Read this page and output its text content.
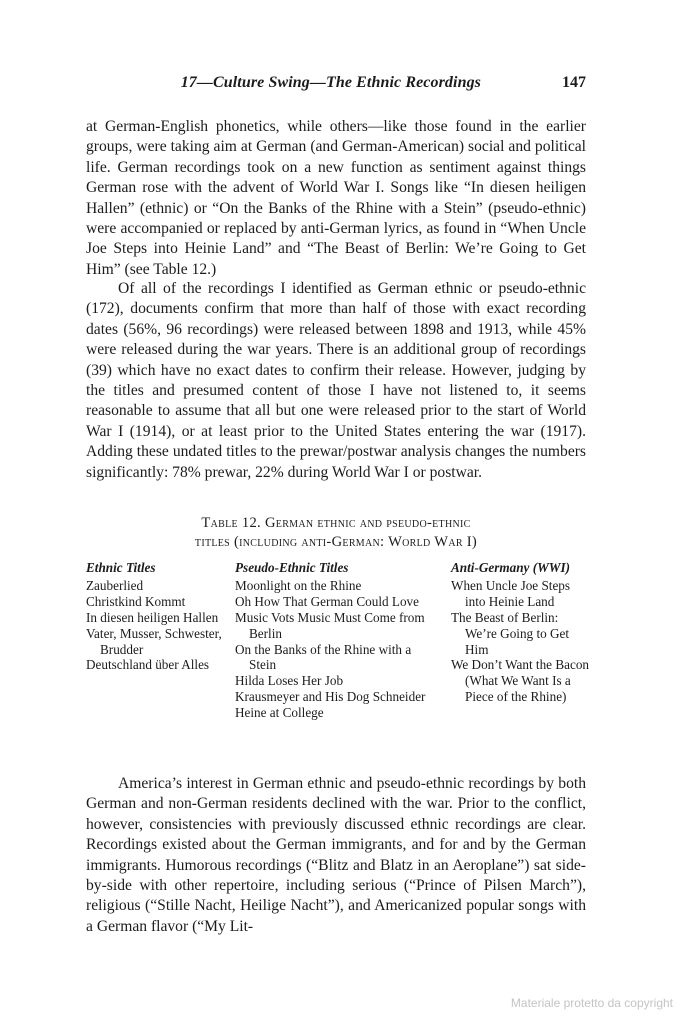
17—Culture Swing—The Ethnic Recordings	147

at German-English phonetics, while others—like those found in the earlier groups, were taking aim at German (and German-American) social and political life. German recordings took on a new function as sentiment against things German rose with the advent of World War I. Songs like “In diesen heiligen Hallen” (ethnic) or “On the Banks of the Rhine with a Stein” (pseudo-ethnic) were accompanied or replaced by anti-German lyrics, as found in “When Uncle Joe Steps into Heinie Land” and “The Beast of Berlin: We’re Going to Get Him” (see Table 12.)

Of all of the recordings I identified as German ethnic or pseudo-ethnic (172), documents confirm that more than half of those with exact recording dates (56%, 96 recordings) were released between 1898 and 1913, while 45% were released during the war years. There is an additional group of recordings (39) which have no exact dates to confirm their release. However, judging by the titles and presumed content of those I have not listened to, it seems reasonable to assume that all but one were released prior to the start of World War I (1914), or at least prior to the United States entering the war (1917). Adding these undated titles to the prewar/postwar analysis changes the numbers significantly: 78% prewar, 22% during World War I or postwar.

Table 12. German ethnic and pseudo-ethnic
titles (including anti-German: World War I)
Ethnic Titles
Zauberlied
Christkind Kommt
In diesen heiligen Hallen
Vater, Musser, Schwester, Brudder
Deutschland über Alles
Pseudo-Ethnic Titles
Moonlight on the Rhine
Oh How That German Could Love
Music Vots Music Must Come from Berlin
On the Banks of the Rhine with a Stein
Hilda Loses Her Job
Krausmeyer and His Dog Schneider
Heine at College
Anti-Germany (WWI)
When Uncle Joe Steps into Heinie Land
The Beast of Berlin: We’re Going to Get Him
We Don’t Want the Bacon (What We Want Is a Piece of the Rhine)

America’s interest in German ethnic and pseudo-ethnic recordings by both German and non-German residents declined with the war. Prior to the conflict, however, consistencies with previously discussed ethnic recordings are clear. Recordings existed about the German immigrants, and for and by the German immigrants. Humorous recordings (“Blitz and Blatz in an Aeroplane”) sat side-by-side with other repertoire, including serious (“Prince of Pilsen March”), religious (“Stille Nacht, Heilige Nacht”), and Americanized popular songs with a German flavor (“My Lit-

Materiale protetto da copyright
